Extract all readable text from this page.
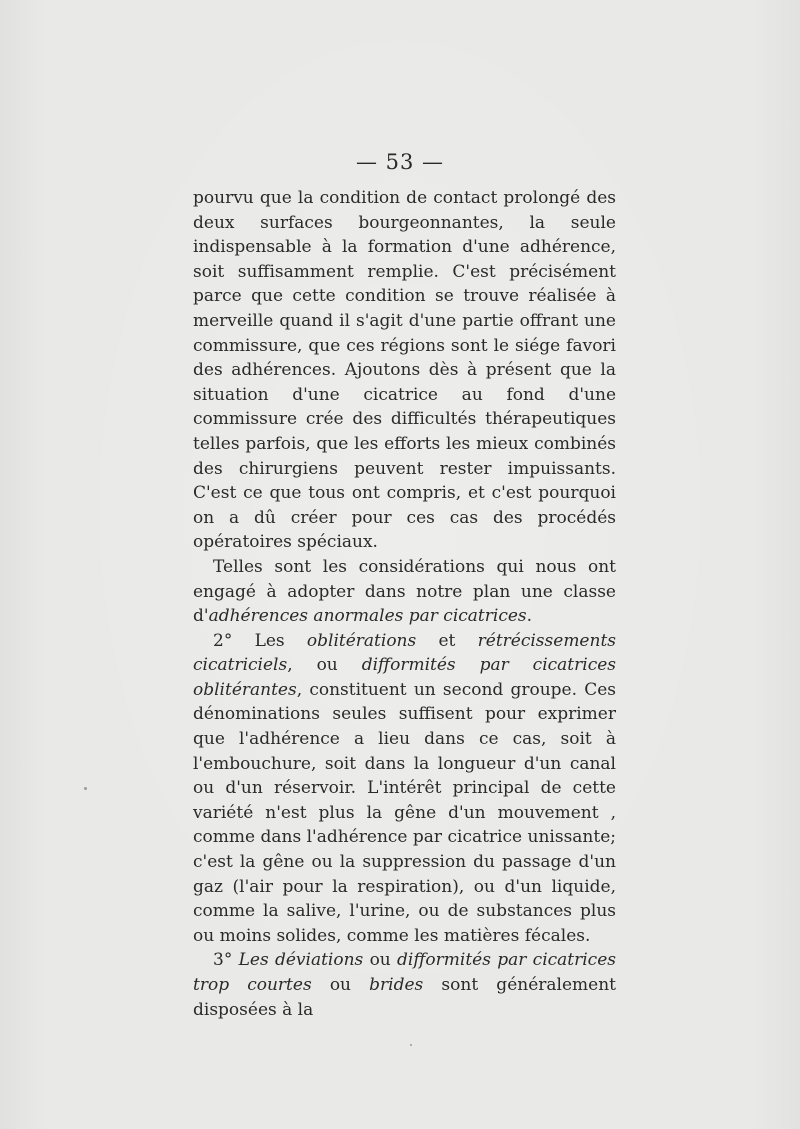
— 53 —

pourvu que la condition de contact prolongé des deux surfaces bourgeonnantes, la seule indispensable à la formation d'une adhérence, soit suffisamment remplie. C'est précisément parce que cette condition se trouve réalisée à merveille quand il s'agit d'une partie offrant une commissure, que ces régions sont le siége favori des adhérences. Ajoutons dès à présent que la situation d'une cicatrice au fond d'une commissure crée des difficultés thérapeutiques telles parfois, que les efforts les mieux combinés des chirurgiens peuvent rester impuissants. C'est ce que tous ont compris, et c'est pourquoi on a dû créer pour ces cas des procédés opératoires spéciaux.

Telles sont les considérations qui nous ont engagé à adopter dans notre plan une classe d'adhérences anormales par cicatrices.

2° Les oblitérations et rétrécissements cicatriciels, ou difformités par cicatrices oblitérantes, constituent un second groupe. Ces dénominations seules suffisent pour exprimer que l'adhérence a lieu dans ce cas, soit à l'embouchure, soit dans la longueur d'un canal ou d'un réservoir. L'intérêt principal de cette variété n'est plus la gêne d'un mouvement , comme dans l'adhérence par cicatrice unissante; c'est la gêne ou la suppression du passage d'un gaz (l'air pour la respiration), ou d'un liquide, comme la salive, l'urine, ou de substances plus ou moins solides, comme les matières fécales.

3° Les déviations ou difformités par cicatrices trop courtes ou brides sont généralement disposées à la
